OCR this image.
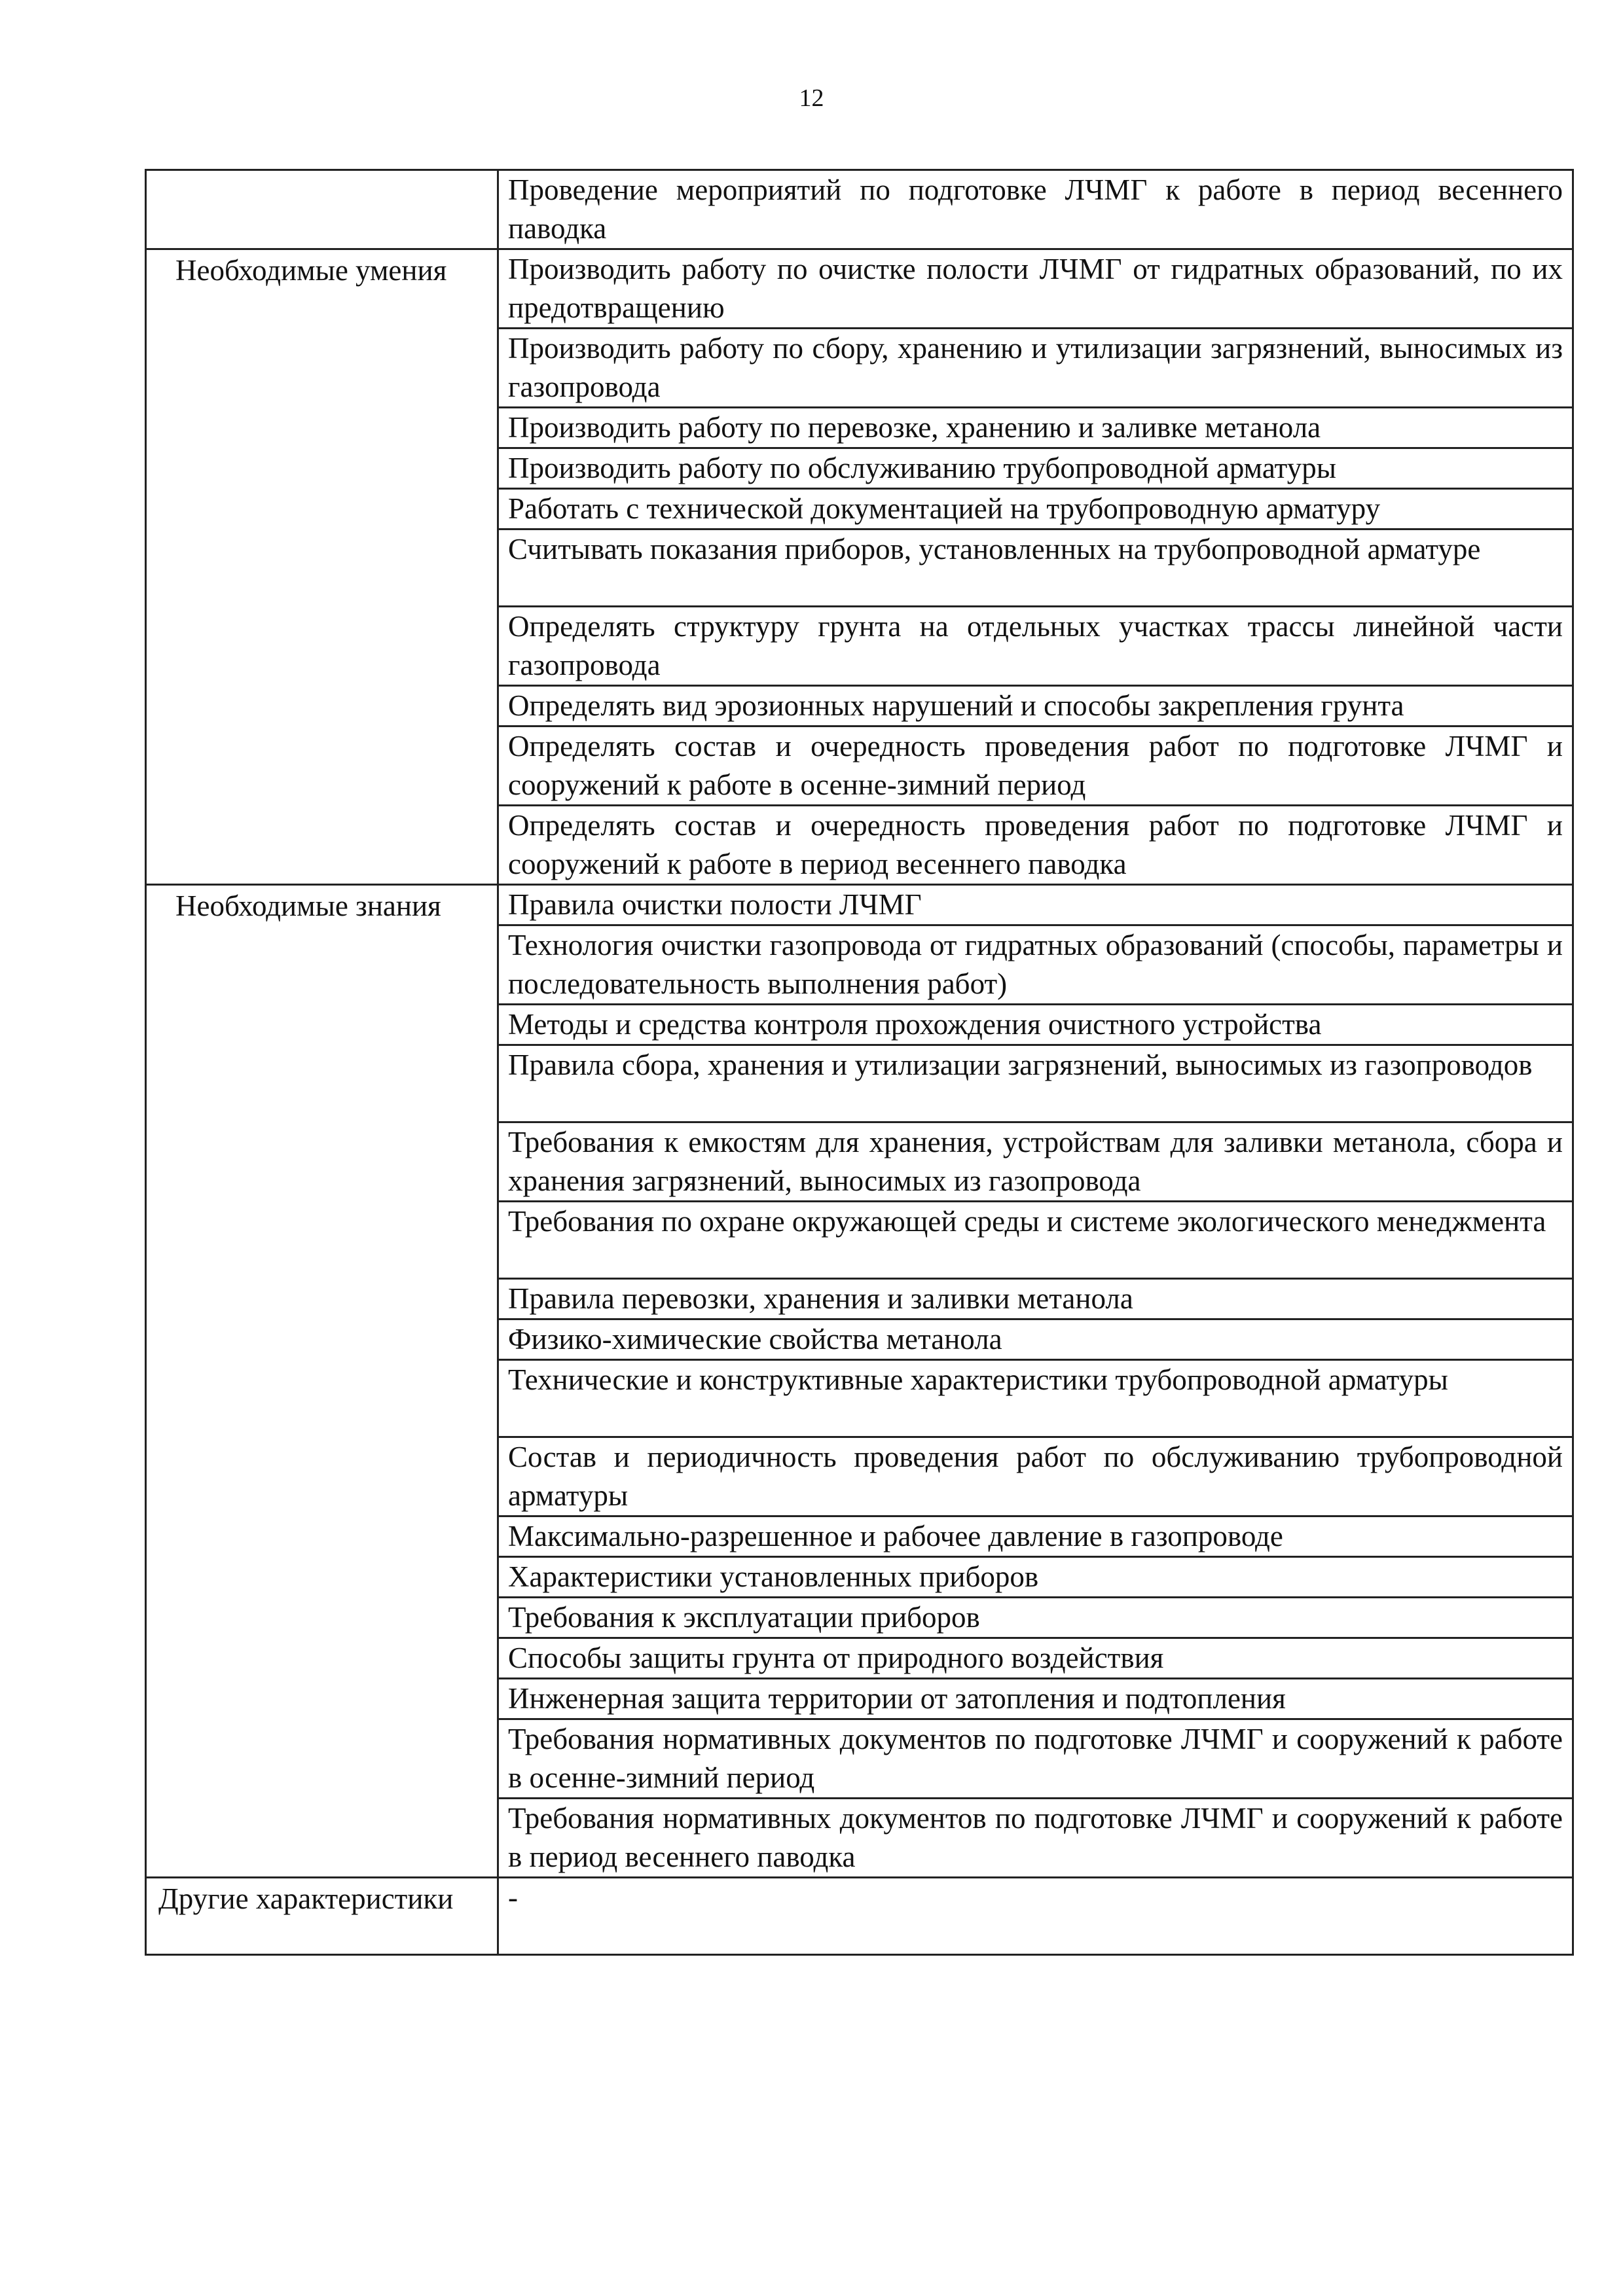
12
	Проведение мероприятий по подготовке ЛЧМГ к работе в период весеннего паводка
Необходимые умения	Производить работу по очистке полости ЛЧМГ от гидратных образований, по их предотвращению
	Производить работу по сбору, хранению и утилизации загрязнений, выносимых из газопровода
	Производить работу по перевозке, хранению и заливке метанола
	Производить работу по обслуживанию трубопроводной арматуры
	Работать с технической документацией на трубопроводную арматуру
	Считывать показания приборов, установленных на трубопроводной арматуре
	Определять структуру грунта на отдельных участках трассы линейной части газопровода
	Определять вид эрозионных нарушений и способы закрепления грунта
	Определять состав и очередность проведения работ по подготовке ЛЧМГ и сооружений к работе в осенне-зимний период
	Определять состав и очередность проведения работ по подготовке ЛЧМГ и сооружений к работе в период весеннего паводка
Необходимые знания	Правила очистки полости ЛЧМГ
	Технология очистки газопровода от гидратных образований (способы, параметры и последовательность выполнения работ)
	Методы и средства контроля прохождения очистного устройства
	Правила сбора, хранения и утилизации загрязнений, выносимых из газопроводов
	Требования к емкостям для хранения, устройствам для заливки метанола, сбора и хранения загрязнений, выносимых из газопровода
	Требования по охране окружающей среды и системе экологического менеджмента
	Правила перевозки, хранения и заливки метанола
	Физико-химические свойства метанола
	Технические и конструктивные характеристики трубопроводной арматуры
	Состав и периодичность проведения работ по обслуживанию трубопроводной арматуры
	Максимально-разрешенное и рабочее давление в газопроводе
	Характеристики установленных приборов
	Требования к эксплуатации приборов
	Способы защиты грунта от природного воздействия
	Инженерная защита территории от затопления и подтопления
	Требования нормативных документов по подготовке ЛЧМГ и сооружений к работе в осенне-зимний период
	Требования нормативных документов по подготовке ЛЧМГ и сооружений к работе в период весеннего паводка
Другие характеристики	-
